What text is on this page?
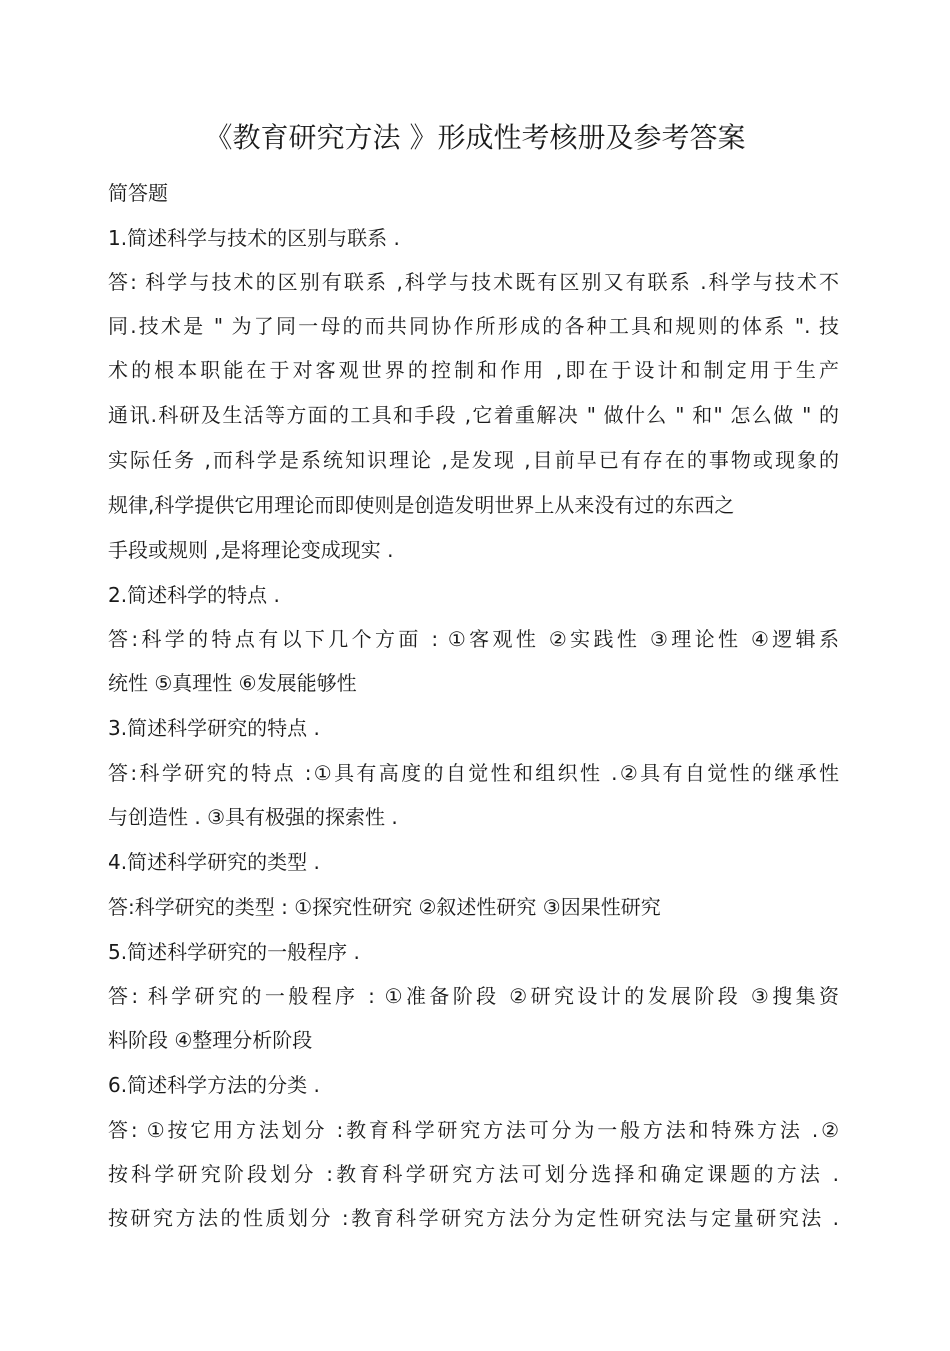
《教育研究方法 》形成性考核册及参考答案
简答题
1.简述科学与技术的区别与联系 .
答: 科学与技术的区别有联系 ,科学与技术既有区别又有联系 .科学与技术不
同.技术是 " 为了同一母的而共同协作所形成的各种工具和规则的体系 ". 技
术的根本职能在于对客观世界的控制和作用 ,即在于设计和制定用于生产
通讯.科研及生活等方面的工具和手段 ,它着重解决 " 做什么 " 和" 怎么做 " 的
实际任务 ,而科学是系统知识理论 ,是发现 ,目前早已有存在的事物或现象的
规律,科学提供它用理论而即使则是创造发明世界上从来没有过的东西之
手段或规则 ,是将理论变成现实 .
2.简述科学的特点 .
答:科学的特点有以下几个方面 : ①客观性 ②实践性 ③理论性 ④逻辑系
统性 ⑤真理性 ⑥发展能够性
3.简述科学研究的特点 .
答:科学研究的特点 :①具有高度的自觉性和组织性 .②具有自觉性的继承性
与创造性 . ③具有极强的探索性 .
4.简述科学研究的类型 .
答:科学研究的类型 : ①探究性研究 ②叙述性研究 ③因果性研究
5.简述科学研究的一般程序 .
答: 科学研究的一般程序 : ①准备阶段 ②研究设计的发展阶段 ③搜集资
料阶段 ④整理分析阶段
6.简述科学方法的分类 .
答: ①按它用方法划分 :教育科学研究方法可分为一般方法和特殊方法 .②
按科学研究阶段划分 :教育科学研究方法可划分选择和确定课题的方法 .
按研究方法的性质划分 :教育科学研究方法分为定性研究法与定量研究法 .
